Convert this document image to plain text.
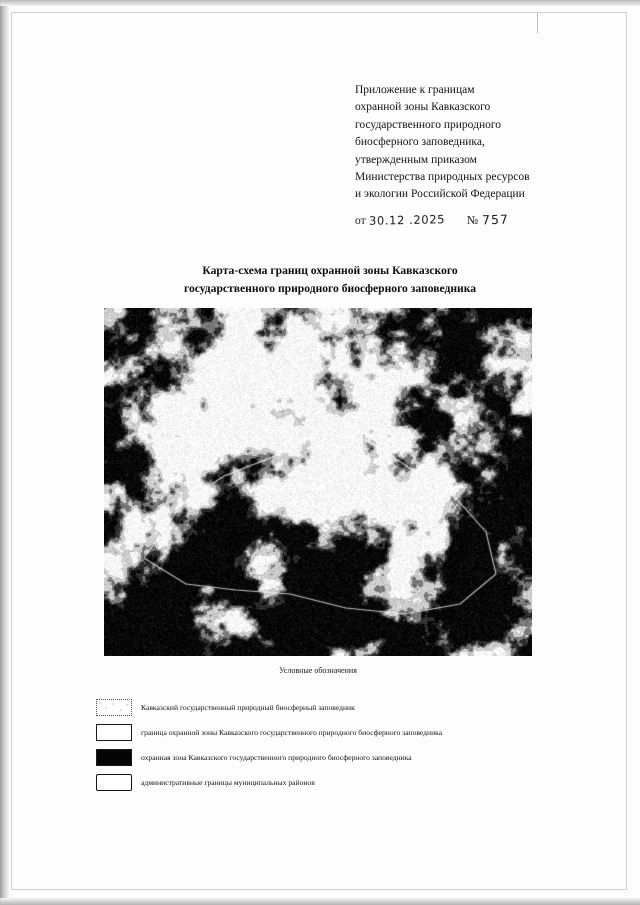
Приложение к границам
охранной зоны Кавказского
государственного природного
биосферного заповедника,
утвержденным приказом
Министерства природных ресурсов
и экологии Российской Федерации
от 30.12 .2025 № 757
Карта-схема границ охранной зоны Кавказского
государственного природного биосферного заповедника
Условные обозначения
Кавказский государственный природный биосферный заповедник
граница охранной зоны Кавказского государственного природного биосферного заповедника
охранная зона Кавказского государственного природного биосферного заповедника
административные границы муниципальных районов
